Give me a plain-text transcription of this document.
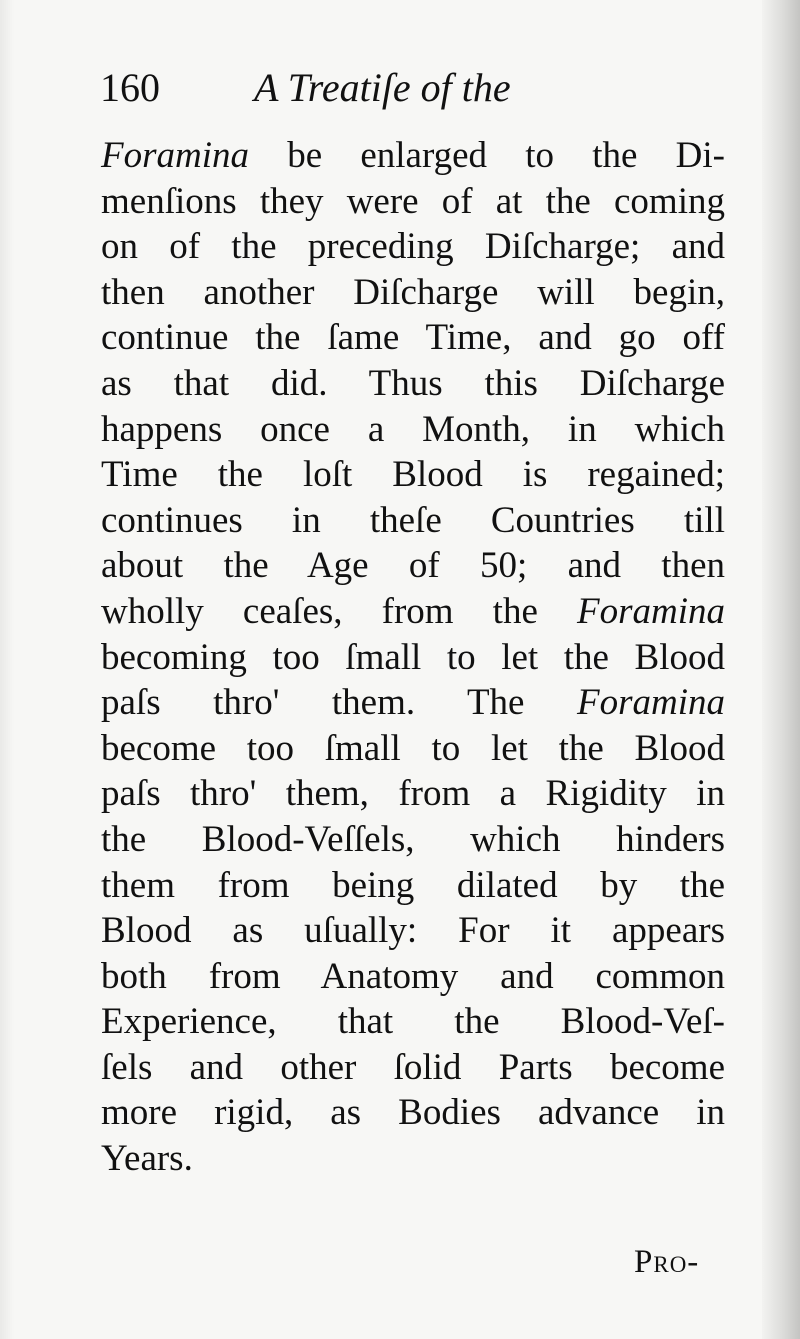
160 A Treatiſe of the
Foramina be enlarged to the Di-
menſions they were of at the coming
on of the preceding Diſcharge; and
then another Diſcharge will begin,
continue the ſame Time, and go off
as that did. Thus this Diſcharge
happens once a Month, in which
Time the loſt Blood is regained;
continues in theſe Countries till
about the Age of 50; and then
wholly ceaſes, from the Foramina
becoming too ſmall to let the Blood
paſs thro' them. The Foramina
become too ſmall to let the Blood
paſs thro' them, from a Rigidity in
the Blood-Veſſels, which hinders
them from being dilated by the
Blood as uſually: For it appears
both from Anatomy and common
Experience, that the Blood-Veſ-
ſels and other ſolid Parts become
more rigid, as Bodies advance in
Years.
Pro-
